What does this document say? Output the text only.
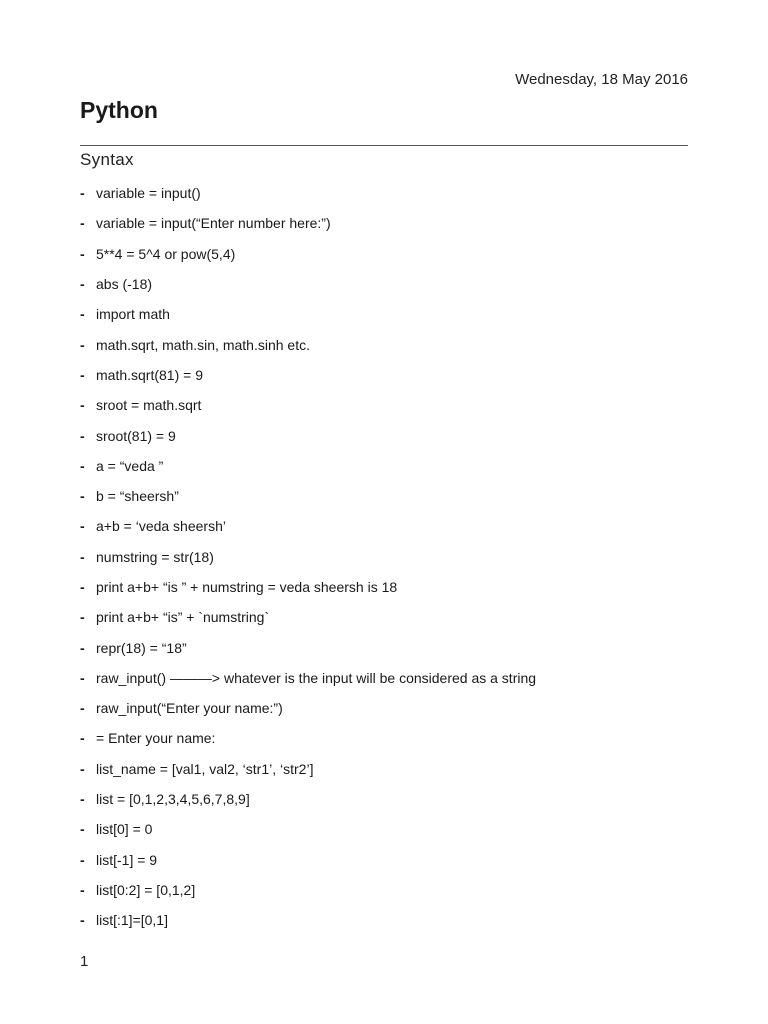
Wednesday, 18 May 2016
Python
Syntax
- variable = input()
- variable = input(“Enter number here:”)
- 5**4 = 5^4 or pow(5,4)
- abs (-18)
- import math
- math.sqrt, math.sin, math.sinh etc.
- math.sqrt(81) = 9
- sroot = math.sqrt
- sroot(81) = 9
- a = “veda ”
- b = “sheersh”
- a+b = ‘veda sheersh’
- numstring = str(18)
- print a+b+ “is ” + numstring = veda sheersh is 18
- print a+b+ “is” + `numstring`
- repr(18) = “18”
- raw_input() ———> whatever is the input will be considered as a string
- raw_input(“Enter your name:”)
- = Enter your name:
- list_name = [val1, val2, ‘str1’, ‘str2’]
- list = [0,1,2,3,4,5,6,7,8,9]
- list[0] = 0
- list[-1] = 9
- list[0:2] = [0,1,2]
- list[:1]=[0,1]
1
